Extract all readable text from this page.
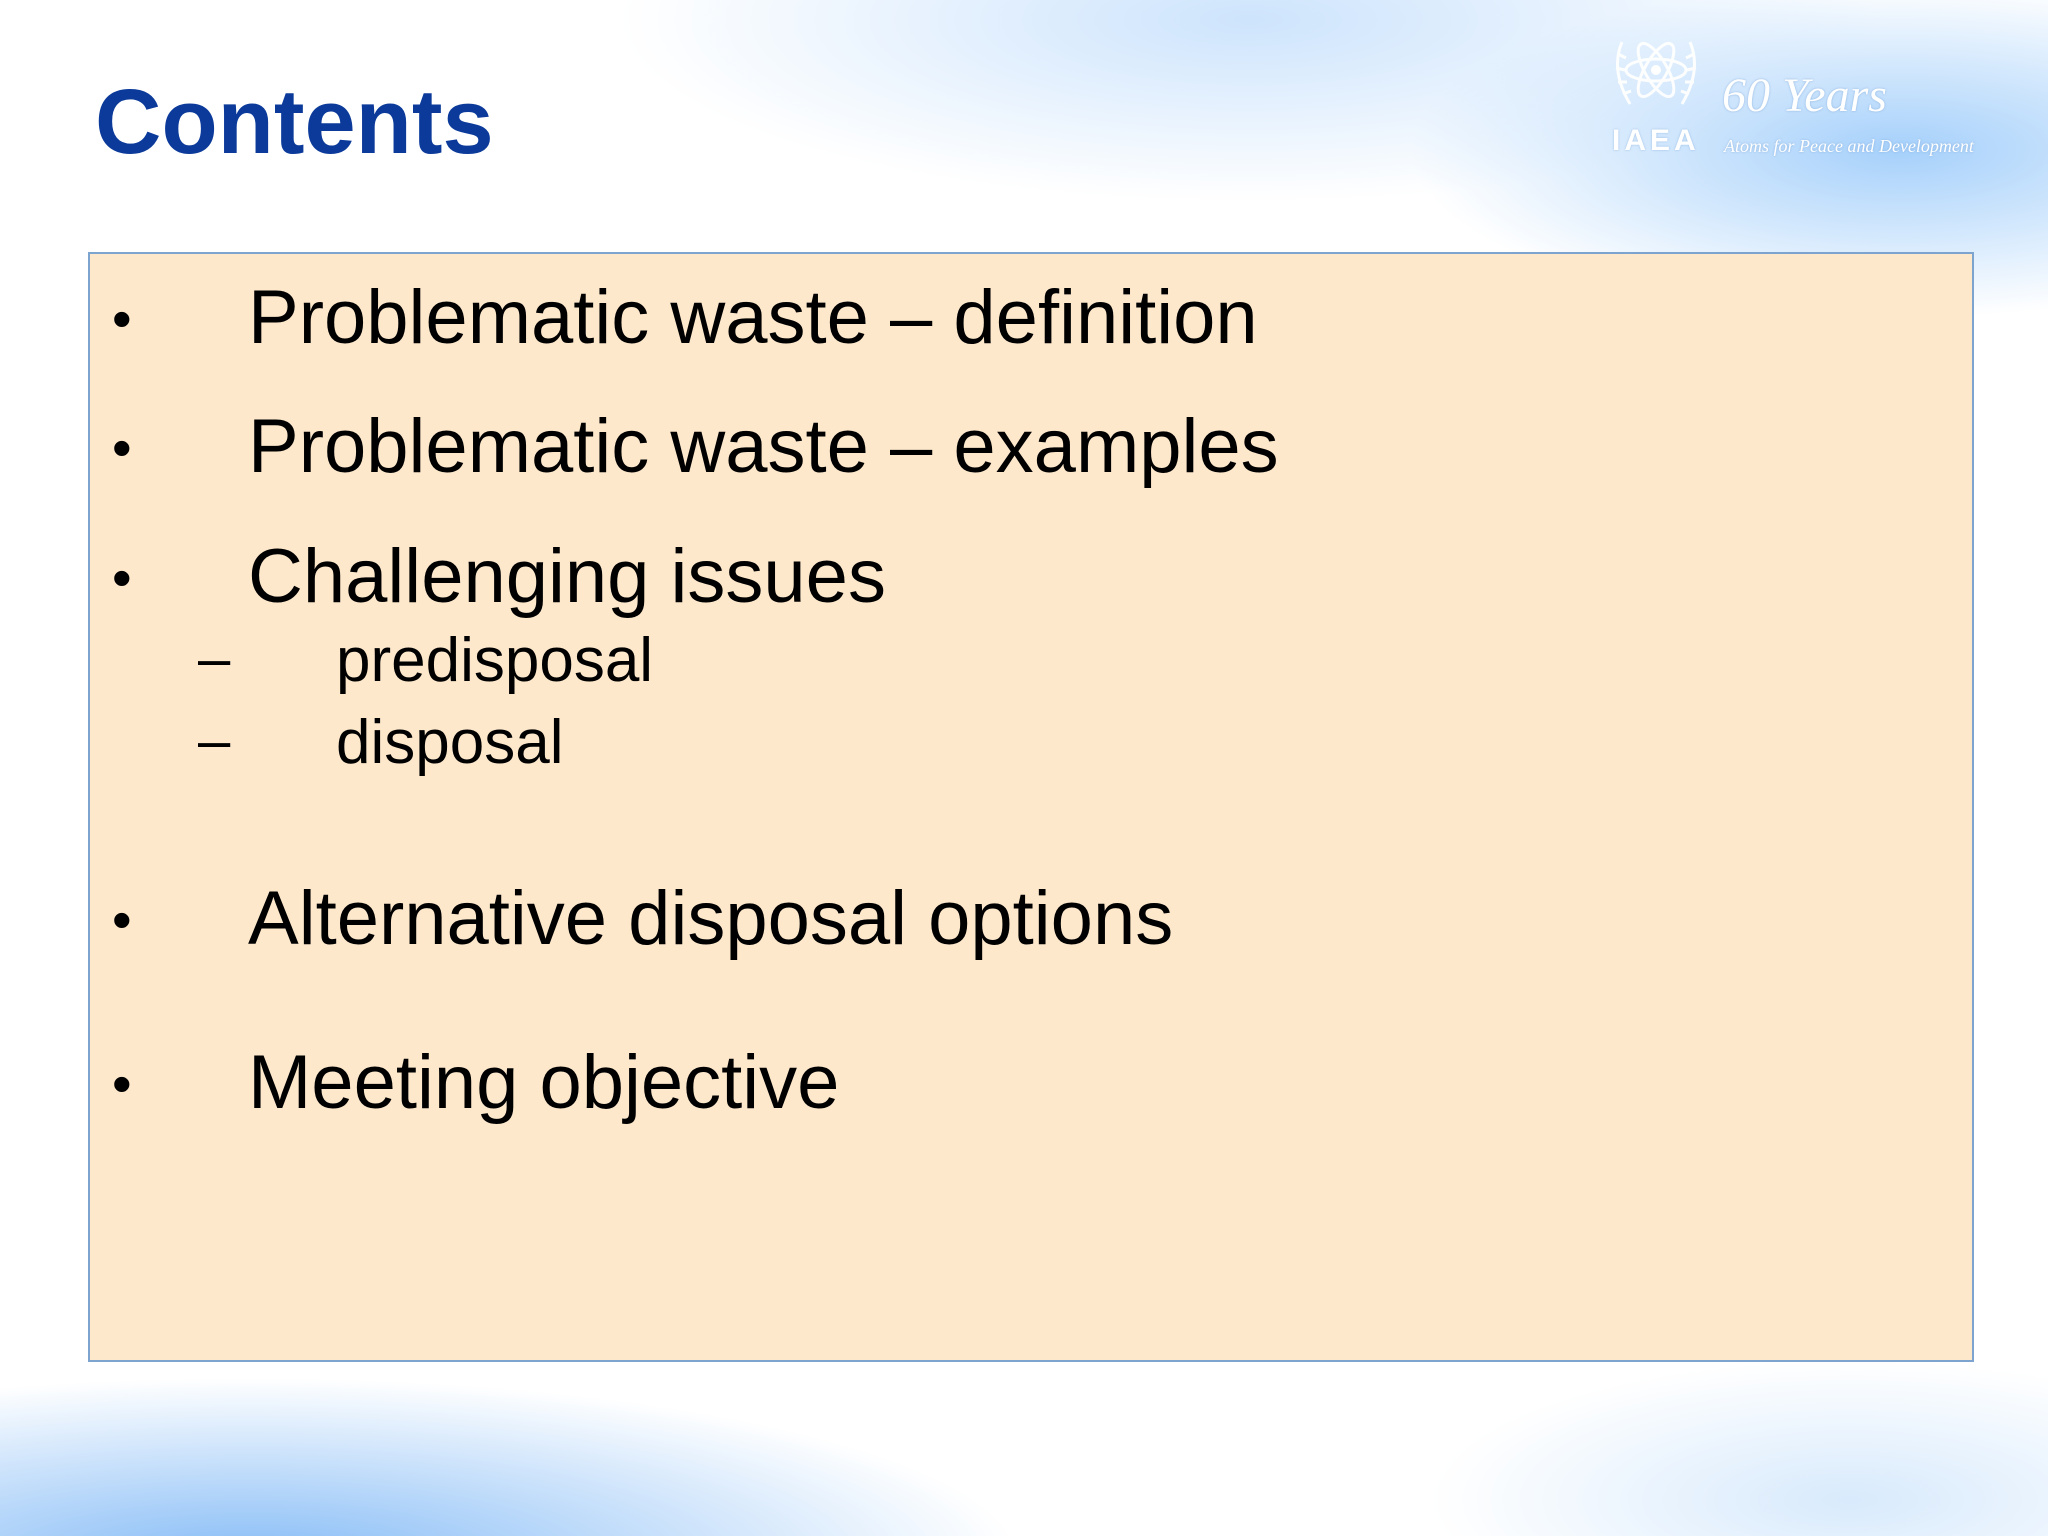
Contents	IAEA
60 Years
Atoms for Peace and Development
• Problematic waste – definition
• Problematic waste – examples
• Challenging issues
– predisposal
– disposal
• Alternative disposal options
• Meeting objective
